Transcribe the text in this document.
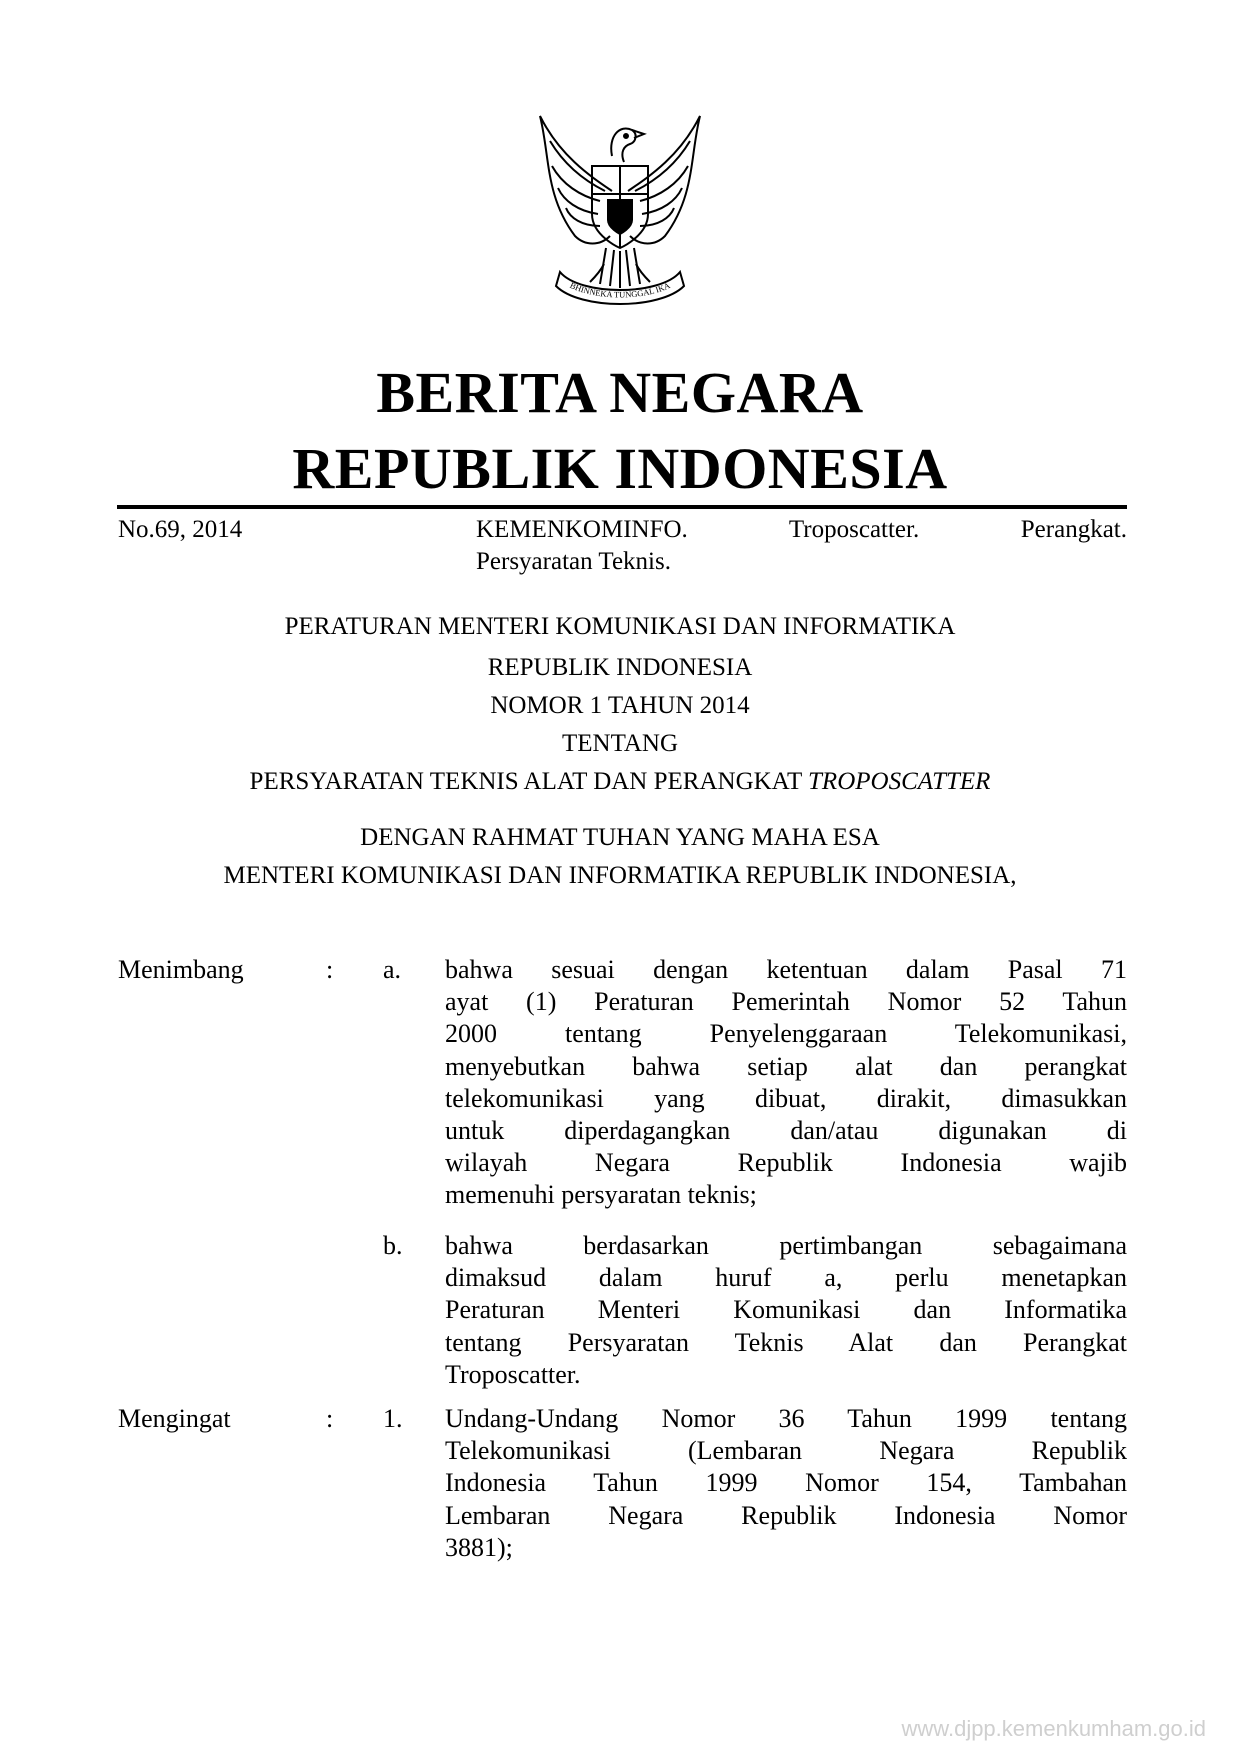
BHINNEKA TUNGGAL IKA
BERITA NEGARA
REPUBLIK INDONESIA
No.69, 2014	KEMENKOMINFO.	Troposcatter.	Perangkat.
Persyaratan Teknis.
PERATURAN MENTERI KOMUNIKASI DAN INFORMATIKA
REPUBLIK INDONESIA
NOMOR 1 TAHUN 2014
TENTANG
PERSYARATAN TEKNIS ALAT DAN PERANGKAT TROPOSCATTER
DENGAN RAHMAT TUHAN YANG MAHA ESA
MENTERI KOMUNIKASI DAN INFORMATIKA REPUBLIK INDONESIA,
Menimbang	: a. bahwa sesuai dengan ketentuan dalam Pasal 71
ayat (1) Peraturan Pemerintah Nomor 52 Tahun
2000 tentang Penyelenggaraan Telekomunikasi,
menyebutkan bahwa setiap alat dan perangkat
telekomunikasi yang dibuat, dirakit, dimasukkan
untuk diperdagangkan dan/atau digunakan di
wilayah Negara Republik Indonesia wajib
memenuhi persyaratan teknis;
b. bahwa berdasarkan pertimbangan sebagaimana
dimaksud dalam huruf a, perlu menetapkan
Peraturan Menteri Komunikasi dan Informatika
tentang Persyaratan Teknis Alat dan Perangkat
Troposcatter.
Mengingat	: 1. Undang-Undang Nomor 36 Tahun 1999 tentang
Telekomunikasi (Lembaran Negara Republik
Indonesia Tahun 1999 Nomor 154, Tambahan
Lembaran Negara Republik Indonesia Nomor
3881);
www.djpp.kemenkumham.go.id
